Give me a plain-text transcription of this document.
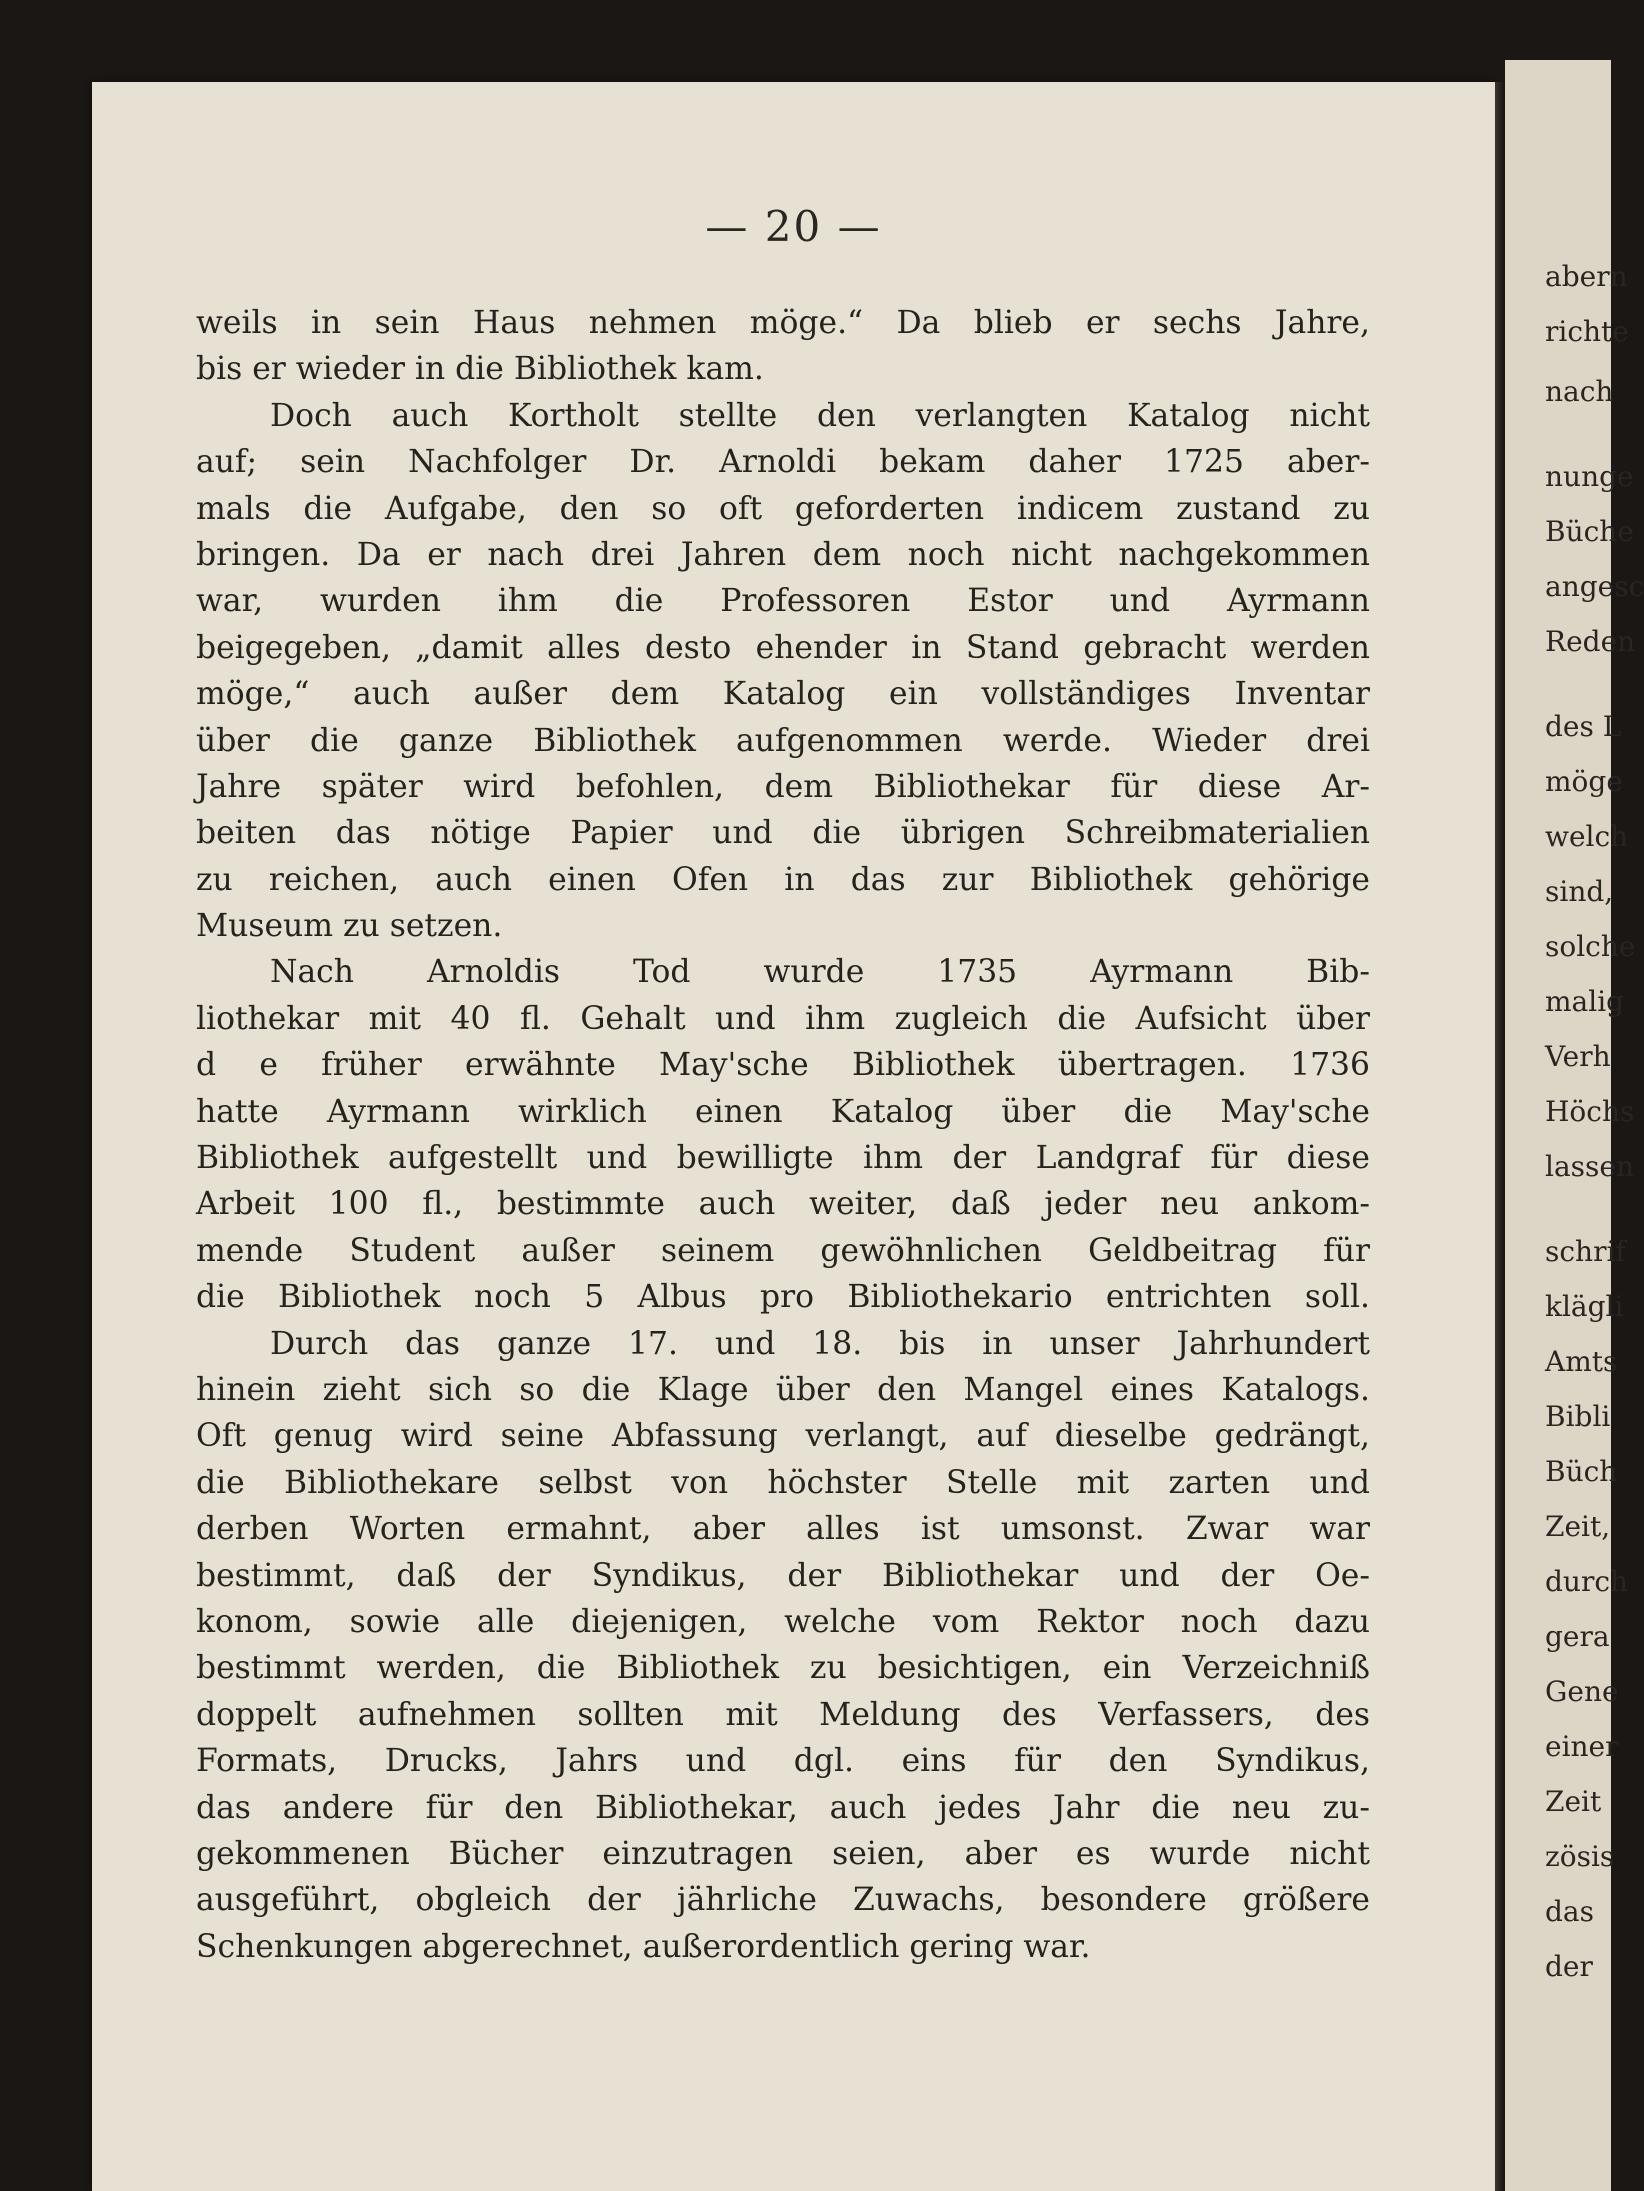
— 20 —
abern
richte
nach
nunge
Büche
angesc
Reden
des L
möge
welch
sind,
solche
malig
Verh
Höchs
lassen
schrif
klägli
Amts
Bibli
Büch
Zeit,
durch
gera
Gene
einer
Zeit
zösis
das
der
weils in sein Haus nehmen möge.“ Da blieb er sechs Jahre,
bis er wieder in die Bibliothek kam.
Doch auch Kortholt stellte den verlangten Katalog nicht
auf; sein Nachfolger Dr. Arnoldi bekam daher 1725 aber-
mals die Aufgabe, den so oft geforderten indicem zustand zu
bringen. Da er nach drei Jahren dem noch nicht nachgekommen
war, wurden ihm die Professoren Estor und Ayrmann
beigegeben, „damit alles desto ehender in Stand gebracht werden
möge,“ auch außer dem Katalog ein vollständiges Inventar
über die ganze Bibliothek aufgenommen werde. Wieder drei
Jahre später wird befohlen, dem Bibliothekar für diese Ar-
beiten das nötige Papier und die übrigen Schreibmaterialien
zu reichen, auch einen Ofen in das zur Bibliothek gehörige
Museum zu setzen.
Nach Arnoldis Tod wurde 1735 Ayrmann Bib-
liothekar mit 40 fl. Gehalt und ihm zugleich die Aufsicht über
d e früher erwähnte May'sche Bibliothek übertragen. 1736
hatte Ayrmann wirklich einen Katalog über die May'sche
Bibliothek aufgestellt und bewilligte ihm der Landgraf für diese
Arbeit 100 fl., bestimmte auch weiter, daß jeder neu ankom-
mende Student außer seinem gewöhnlichen Geldbeitrag für
die Bibliothek noch 5 Albus pro Bibliothekario entrichten soll.
Durch das ganze 17. und 18. bis in unser Jahrhundert
hinein zieht sich so die Klage über den Mangel eines Katalogs.
Oft genug wird seine Abfassung verlangt, auf dieselbe gedrängt,
die Bibliothekare selbst von höchster Stelle mit zarten und
derben Worten ermahnt, aber alles ist umsonst. Zwar war
bestimmt, daß der Syndikus, der Bibliothekar und der Oe-
konom, sowie alle diejenigen, welche vom Rektor noch dazu
bestimmt werden, die Bibliothek zu besichtigen, ein Verzeichniß
doppelt aufnehmen sollten mit Meldung des Verfassers, des
Formats, Drucks, Jahrs und dgl. eins für den Syndikus,
das andere für den Bibliothekar, auch jedes Jahr die neu zu-
gekommenen Bücher einzutragen seien, aber es wurde nicht
ausgeführt, obgleich der jährliche Zuwachs, besondere größere
Schenkungen abgerechnet, außerordentlich gering war.
